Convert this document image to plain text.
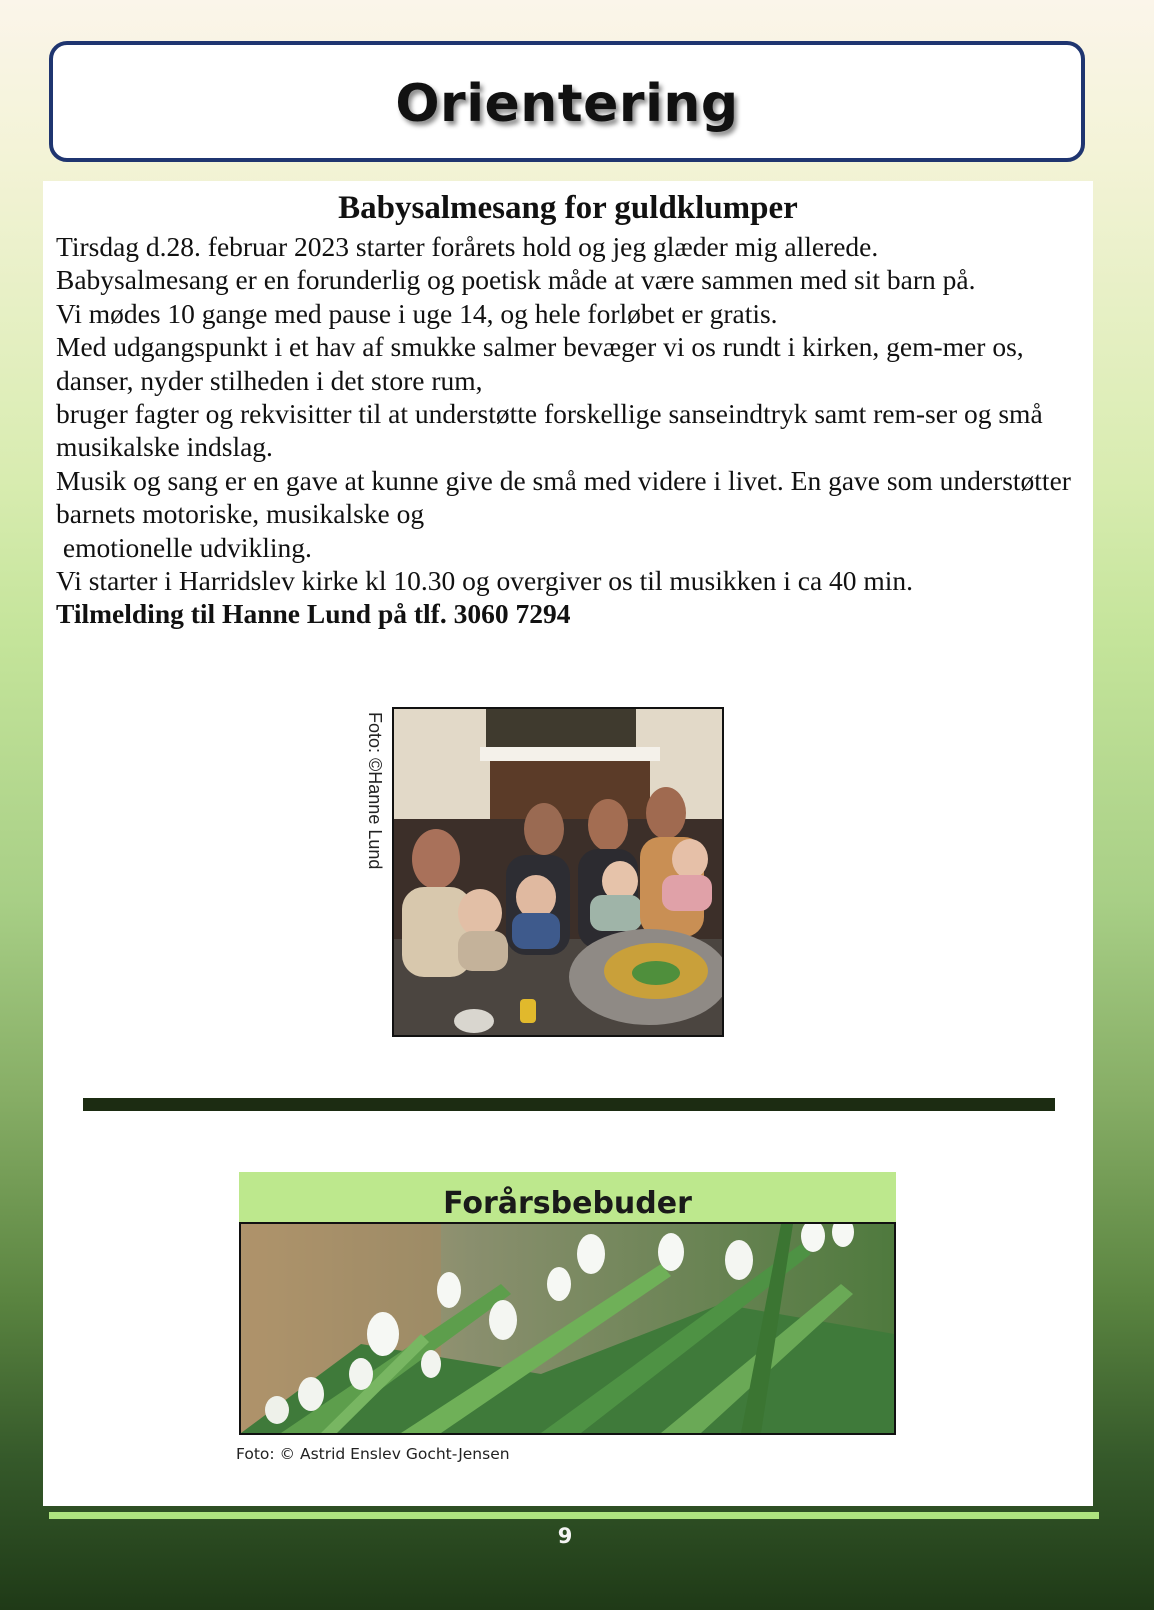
Orientering
Babysalmesang for guldklumper

Tirsdag d.28. februar 2023 starter forårets hold og jeg glæder mig allerede.

Babysalmesang er en forunderlig og poetisk måde at være sammen med sit barn på.

Vi mødes 10 gange med pause i uge 14, og hele forløbet er gratis.

Med udgangspunkt i et hav af smukke salmer bevæger vi os rundt i kirken, gem-mer os, danser, nyder stilheden i det store rum,

bruger fagter og rekvisitter til at understøtte forskellige sanseindtryk samt rem-ser og små musikalske indslag.

Musik og sang er en gave at kunne give de små med videre i livet. En gave som understøtter barnets motoriske, musikalske og

emotionelle udvikling.

Vi starter i Harridslev kirke kl 10.30 og overgiver os til musikken i ca 40 min.

Tilmelding til Hanne Lund på tlf. 3060 7294

Foto: ©Hanne Lund
Forårsbebuder
Foto: © Astrid Enslev Gocht-Jensen
9
